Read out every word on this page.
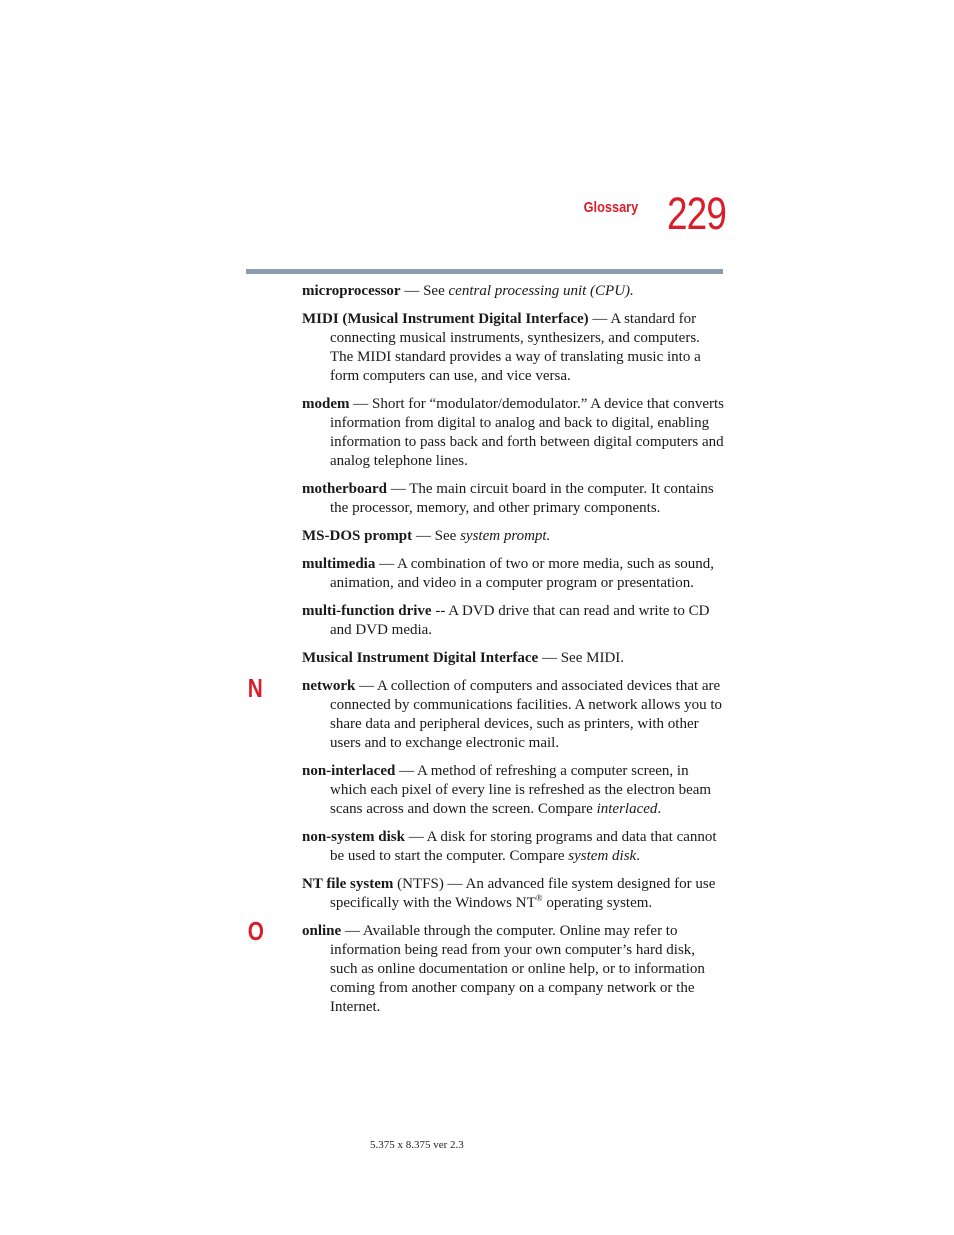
Glossary 229
N
O
microprocessor — See central processing unit (CPU).
MIDI (Musical Instrument Digital Interface) — A standard for connecting musical instruments, synthesizers, and computers. The MIDI standard provides a way of translating music into a form computers can use, and vice versa.
modem — Short for “modulator/demodulator.” A device that converts information from digital to analog and back to digital, enabling information to pass back and forth between digital computers and analog telephone lines.
motherboard — The main circuit board in the computer. It contains the processor, memory, and other primary components.
MS-DOS prompt — See system prompt.
multimedia — A combination of two or more media, such as sound, animation, and video in a computer program or presentation.
multi-function drive -- A DVD drive that can read and write to CD and DVD media.
Musical Instrument Digital Interface — See MIDI.
network — A collection of computers and associated devices that are connected by communications facilities. A network allows you to share data and peripheral devices, such as printers, with other users and to exchange electronic mail.
non-interlaced — A method of refreshing a computer screen, in which each pixel of every line is refreshed as the electron beam scans across and down the screen. Compare interlaced.
non-system disk — A disk for storing programs and data that cannot be used to start the computer. Compare system disk.
NT file system (NTFS) — An advanced file system designed for use specifically with the Windows NT® operating system.
online — Available through the computer. Online may refer to information being read from your own computer’s hard disk, such as online documentation or online help, or to information coming from another company on a company network or the Internet.
5.375 x 8.375 ver 2.3
